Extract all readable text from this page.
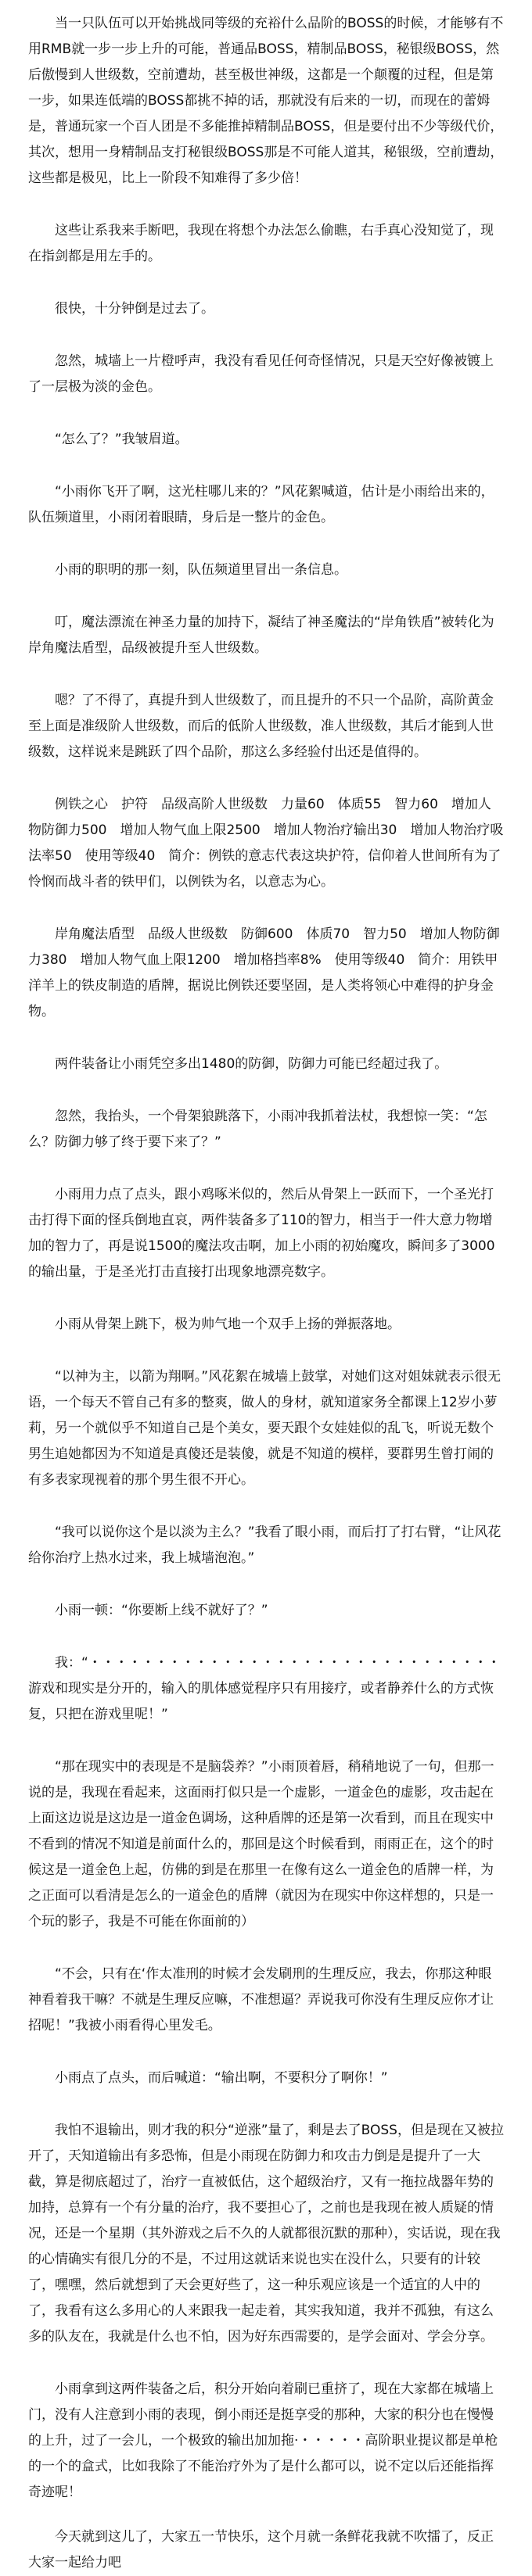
当一只队伍可以开始挑战同等级的充裕什么品阶的BOSS的时候，才能够有不用RMB就一步一步上升的可能，普通品BOSS，精制品BOSS，秘银级BOSS，然后傲慢到人世级数，空前遭劫，甚至极世神级，这都是一个颠覆的过程，但是第一步，如果连低端的BOSS都挑不掉的话，那就没有后来的一切，而现在的蕾姆是，普通玩家一个百人团是不多能推掉精制品BOSS，但是要付出不少等级代价，其次，想用一身精制品支打秘银级BOSS那是不可能人道其，秘银级，空前遭劫，这些都是极见，比上一阶段不知难得了多少倍！

这些让系我来手断吧，我现在将想个办法怎么偷瞧，右手真心没知觉了，现在指剑都是用左手的。

很快，十分钟倒是过去了。

忽然，城墙上一片橙呼声，我没有看见任何奇怪情况，只是天空好像被镀上了一层极为淡的金色。

“怎么了？”我皱眉道。

“小雨你飞开了啊，这光柱哪儿来的？”风花絮喊道，估计是小雨给出来的，队伍频道里，小雨闭着眼睛，身后是一整片的金色。

小雨的职明的那一刻，队伍频道里冒出一条信息。

叮，魔法漂流在神圣力量的加持下，凝结了神圣魔法的“岸角铁盾”被转化为岸角魔法盾型，品级被提升至人世级数。

嗯？了不得了，真提升到人世级数了，而且提升的不只一个品阶，高阶黄金至上面是准级阶人世级数，而后的低阶人世级数，准人世级数，其后才能到人世级数，这样说来是跳跃了四个品阶，那这么多经验付出还是值得的。

例铁之心　护符　品级高阶人世级数　力量60　体质55　智力60　增加人物防御力500　增加人物气血上限2500　增加人物治疗输出30　增加人物治疗吸法率50　使用等级40　简介：例铁的意志代表这块护符，信仰着人世间所有为了怜悯而战斗者的铁甲们，以例铁为名，以意志为心。

岸角魔法盾型　品级人世级数　防御600　体质70　智力50　增加人物防御力380　增加人物气血上限1200　增加格挡率8%　使用等级40　简介：用铁甲洋羊上的铁皮制造的盾牌，据说比例铁还要坚固，是人类将领心中难得的护身金物。

两件装备让小雨凭空多出1480的防御，防御力可能已经超过我了。

忽然，我抬头，一个骨架狼跳落下，小雨冲我抓着法杖，我想惊一笑：“怎么？防御力够了终于要下来了？”

小雨用力点了点头，跟小鸡啄米似的，然后从骨架上一跃而下，一个圣光打击打得下面的怪兵倒地直哀，两件装备多了110的智力，相当于一件大意力物增加的智力了，再是说1500的魔法攻击啊，加上小雨的初始魔攻，瞬间多了3000的输出量，于是圣光打击直接打出现象地漂亮数字。

小雨从骨架上跳下，极为帅气地一个双手上扬的弹振落地。

“以神为主，以箭为翔啊。”风花絮在城墙上鼓掌，对她们这对姐妹就表示很无语，一个每天不管自己有多的整爽，做人的身材，就知道家务全都课上12岁小萝莉，另一个就似乎不知道自己是个美女，要天跟个女娃娃似的乱飞，听说无数个男生追她都因为不知道是真傻还是装傻，就是不知道的模样，要群男生曾打闹的有多表家现视着的那个男生很不开心。

“我可以说你这个是以淡为主么？”我看了眼小雨，而后打了打右臂，“让风花给你治疗上热水过来，我上城墙泡泡。”

小雨一顿：“你要断上线不就好了？”

我：“・・・・・・・・・・・・・・・・・・・・・・・・・・・・・・・游戏和现实是分开的，输入的肌体感觉程序只有用接疗，或者静养什么的方式恢复，只把在游戏里呢！”

“那在现实中的表现是不是脑袋养？”小雨顶着唇，稍稍地说了一句，但那一说的是，我现在看起来，这面雨打似只是一个虚影，一道金色的虚影，攻击起在上面这边说是这边是一道金色调场，这种盾牌的还是第一次看到，而且在现实中不看到的情况不知道是前面什么的，那回是这个时候看到，雨雨正在，这个的时候这是一道金色上起，仿佛的到是在那里一在像有这么一道金色的盾牌一样，为之正面可以看清是怎么的一道金色的盾牌（就因为在现实中你这样想的，只是一个玩的影子，我是不可能在你面前的）

“不会，只有在‘作太准刑的时候才会发刷刑的生理反应，我去，你那这种眼神看着我干嘛？不就是生理反应嘛，不准想逼？弄说我可你没有生理反应你才让招呢！”我被小雨看得心里发毛。

小雨点了点头，而后喊道：“输出啊，不要积分了啊你！”

我怕不退输出，则才我的积分“逆涨”量了，剩是去了BOSS，但是现在又被拉开了，天知道输出有多恐怖，但是小雨现在防御力和攻击力倒是是提升了一大截，算是彻底超过了，治疗一直被低估，这个超级治疗，又有一拖拉战器年势的加持，总算有一个有分量的治疗，我不要担心了，之前也是我现在被人质疑的情况，还是一个星期（其外游戏之后不久的人就都很沉默的那种），实话说，现在我的心情确实有很几分的不是，不过用这就话来说也实在没什么，只要有的计较了，嘿嘿，然后就想到了天会更好些了，这一种乐观应该是一个适宜的人中的了，我看有这么多用心的人来跟我一起走着，其实我知道，我并不孤独，有这么多的队友在，我就是什么也不怕，因为好东西需要的，是学会面对、学会分享。

小雨拿到这两件装备之后，积分开始向着刷已重挤了，现在大家都在城墙上门，没有人注意到小雨的表现，倒小雨还是挺享受的那种，大家的积分也在慢慢的上升，过了一会儿，一个极致的输出加加拖·・・・・・高阶职业提议都是单枪的一个的盒式，比如我除了不能治疗外为了是什么都可以，说不定以后还能指挥奇迹呢！

今天就到这儿了，大家五一节快乐，这个月就一条鲜花我就不吹擂了，反正大家一起给力吧
